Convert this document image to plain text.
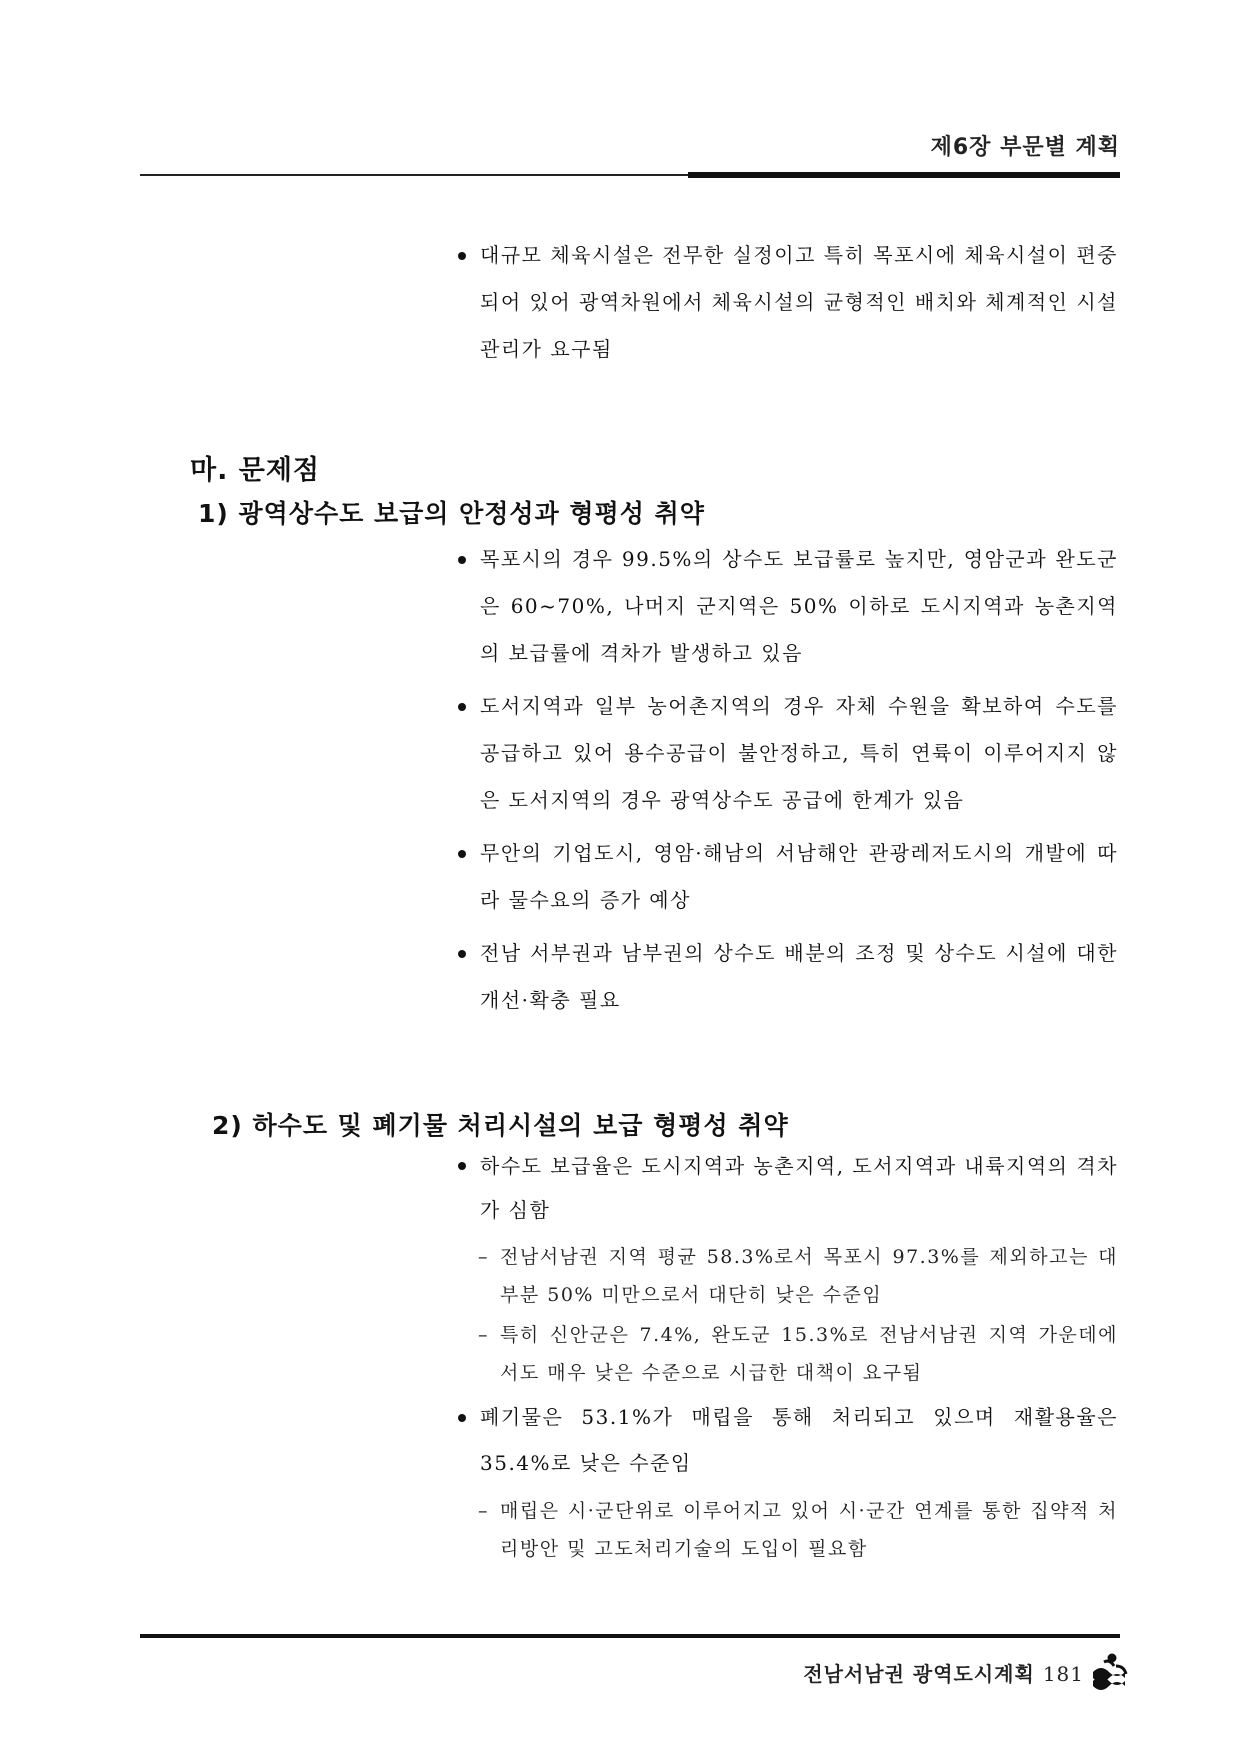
제6장 부문별 계획
대규모 체육시설은 전무한 실정이고 특히 목포시에 체육시설이 편중되어 있어 광역차원에서 체육시설의 균형적인 배치와 체계적인 시설관리가 요구됨
마. 문제점
1) 광역상수도 보급의 안정성과 형평성 취약
목포시의 경우 99.5%의 상수도 보급률로 높지만, 영암군과 완도군은 60~70%, 나머지 군지역은 50% 이하로 도시지역과 농촌지역의 보급률에 격차가 발생하고 있음
도서지역과 일부 농어촌지역의 경우 자체 수원을 확보하여 수도를 공급하고 있어 용수공급이 불안정하고, 특히 연륙이 이루어지지 않은 도서지역의 경우 광역상수도 공급에 한계가 있음
무안의 기업도시, 영암·해남의 서남해안 관광레저도시의 개발에 따라 물수요의 증가 예상
전남 서부권과 남부권의 상수도 배분의 조정 및 상수도 시설에 대한 개선·확충 필요
2) 하수도 및 폐기물 처리시설의 보급 형평성 취약
하수도 보급율은 도시지역과 농촌지역, 도서지역과 내륙지역의 격차가 심함
– 전남서남권 지역 평균 58.3%로서 목포시 97.3%를 제외하고는 대부분 50% 미만으로서 대단히 낮은 수준임
– 특히 신안군은 7.4%, 완도군 15.3%로 전남서남권 지역 가운데에서도 매우 낮은 수준으로 시급한 대책이 요구됨
폐기물은 53.1%가 매립을 통해 처리되고 있으며 재활용율은 35.4%로 낮은 수준임
– 매립은 시·군단위로 이루어지고 있어 시·군간 연계를 통한 집약적 처리방안 및 고도처리기술의 도입이 필요함
전남서남권 광역도시계획 181
